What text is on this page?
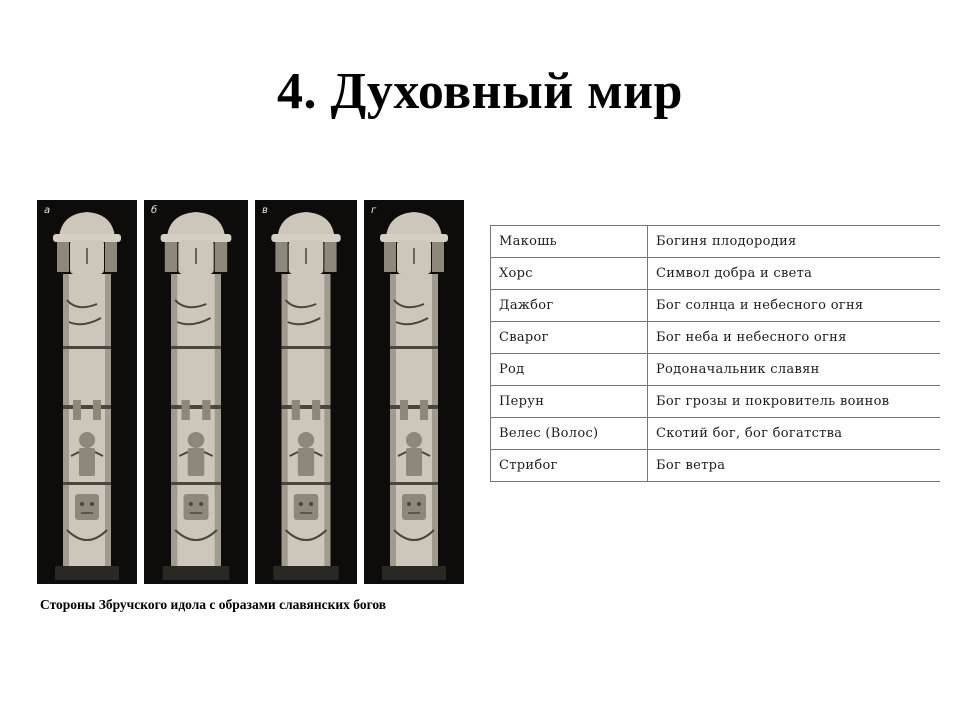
4. Духовный мир
а	б	в	г
Макошь	Богиня плодородия
Хорс	Символ добра и света
Дажбог	Бог солнца и небесного огня
Сварог	Бог неба и небесного огня
Род	Родоначальник славян
Перун	Бог грозы и покровитель воинов
Велес (Волос)	Скотий бог, бог богатства
Стрибог	Бог ветра

Стороны Збручского идола с образами славянских богов
